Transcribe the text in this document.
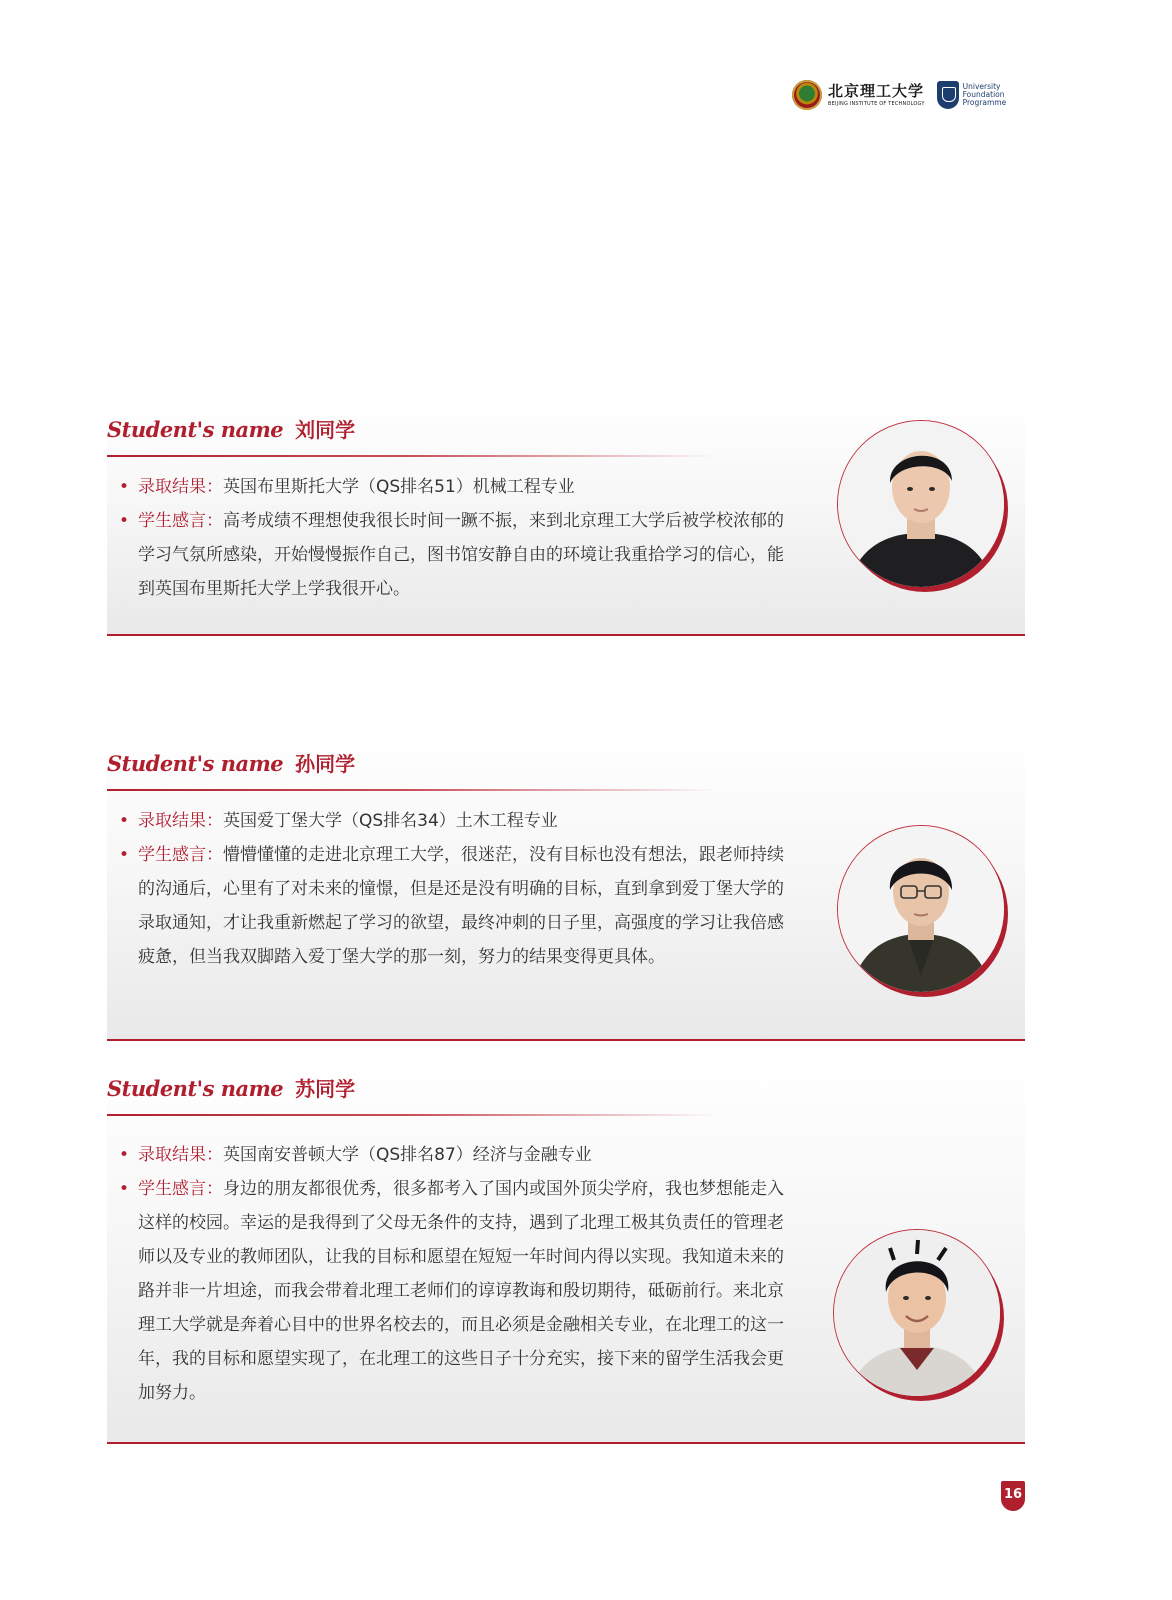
北京理工大学
BEIJING INSTITUTE OF TECHNOLOGY
University
Foundation
Programme
Student's name 刘同学
• 录取结果：英国布里斯托大学（QS排名51）机械工程专业
• 学生感言：高考成绩不理想使我很长时间一蹶不振，来到北京理工大学后被学校浓郁的学习气氛所感染，开始慢慢振作自己，图书馆安静自由的环境让我重拾学习的信心，能到英国布里斯托大学上学我很开心。
Student's name 孙同学
• 录取结果：英国爱丁堡大学（QS排名34）土木工程专业
• 学生感言：懵懵懂懂的走进北京理工大学，很迷茫，没有目标也没有想法，跟老师持续的沟通后，心里有了对未来的憧憬，但是还是没有明确的目标，直到拿到爱丁堡大学的录取通知，才让我重新燃起了学习的欲望，最终冲刺的日子里，高强度的学习让我倍感疲惫，但当我双脚踏入爱丁堡大学的那一刻，努力的结果变得更具体。
Student's name 苏同学
• 录取结果：英国南安普顿大学（QS排名87）经济与金融专业
• 学生感言：身边的朋友都很优秀，很多都考入了国内或国外顶尖学府，我也梦想能走入这样的校园。幸运的是我得到了父母无条件的支持，遇到了北理工极其负责任的管理老师以及专业的教师团队，让我的目标和愿望在短短一年时间内得以实现。我知道未来的路并非一片坦途，而我会带着北理工老师们的谆谆教诲和殷切期待，砥砺前行。来北京理工大学就是奔着心目中的世界名校去的，而且必须是金融相关专业，在北理工的这一年，我的目标和愿望实现了，在北理工的这些日子十分充实，接下来的留学生活我会更加努力。
16
